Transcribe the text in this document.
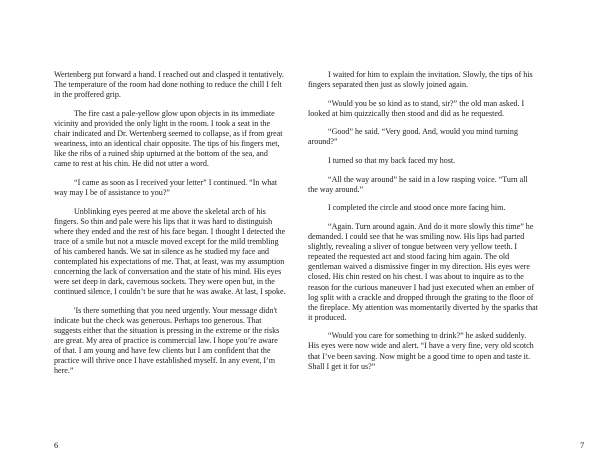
Wertenberg put forward a hand. I reached out and clasped it tentatively. The temperature of the room had done nothing to reduce the chill I felt in the proffered grip.

The fire cast a pale-yellow glow upon objects in its immediate vicinity and provided the only light in the room. I took a seat in the chair indicated and Dr. Wertenberg seemed to collapse, as if from great weariness, into an identical chair opposite. The tips of his fingers met, like the ribs of a ruined ship upturned at the bottom of the sea, and came to rest at his chin. He did not utter a word.

“I came as soon as I received your letter” I continued. “In what way may I be of assistance to you?”

Unblinking eyes peered at me above the skeletal arch of his fingers. So thin and pale were his lips that it was hard to distinguish where they ended and the rest of his face began. I thought I detected the trace of a smile but not a muscle moved except for the mild trembling of his cambered hands. We sat in silence as he studied my face and contemplated his expectations of me. That, at least, was my assumption concerning the lack of conversation and the state of his mind. His eyes were set deep in dark, cavernous sockets. They were open but, in the continued silence, I couldn’t be sure that he was awake. At last, I spoke.

'Is there something that you need urgently. Your message didn't indicate but the check was generous. Perhaps too generous. That suggests either that the situation is pressing in the extreme or the risks are great. My area of practice is commercial law. I hope you’re aware of that. I am young and have few clients but I am confident that the practice will thrive once I have established myself. In any event, I’m here.”

6

I waited for him to explain the invitation. Slowly, the tips of his fingers separated then just as slowly joined again.

“Would you be so kind as to stand, sir?” the old man asked. I looked at him quizzically then stood and did as he requested.

“Good” he said. “Very good. And, would you mind turning around?”

I turned so that my back faced my host.

“All the way around” he said in a low rasping voice. “Turn all the way around.”

I completed the circle and stood once more facing him.

“Again. Turn around again. And do it more slowly this time” he demanded. I could see that he was smiling now. His lips had parted slightly, revealing a sliver of tongue between very yellow teeth. I repeated the requested act and stood facing him again. The old gentleman waived a dismissive finger in my direction. His eyes were closed. His chin rested on his chest. I was about to inquire as to the reason for the curious maneuver I had just executed when an ember of log split with a crackle and dropped through the grating to the floor of the fireplace. My attention was momentarily diverted by the sparks that it produced.

“Would you care for something to drink?” he asked suddenly. His eyes were now wide and alert. “I have a very fine, very old scotch that I’ve been saving. Now might be a good time to open and taste it. Shall I get it for us?”

7
